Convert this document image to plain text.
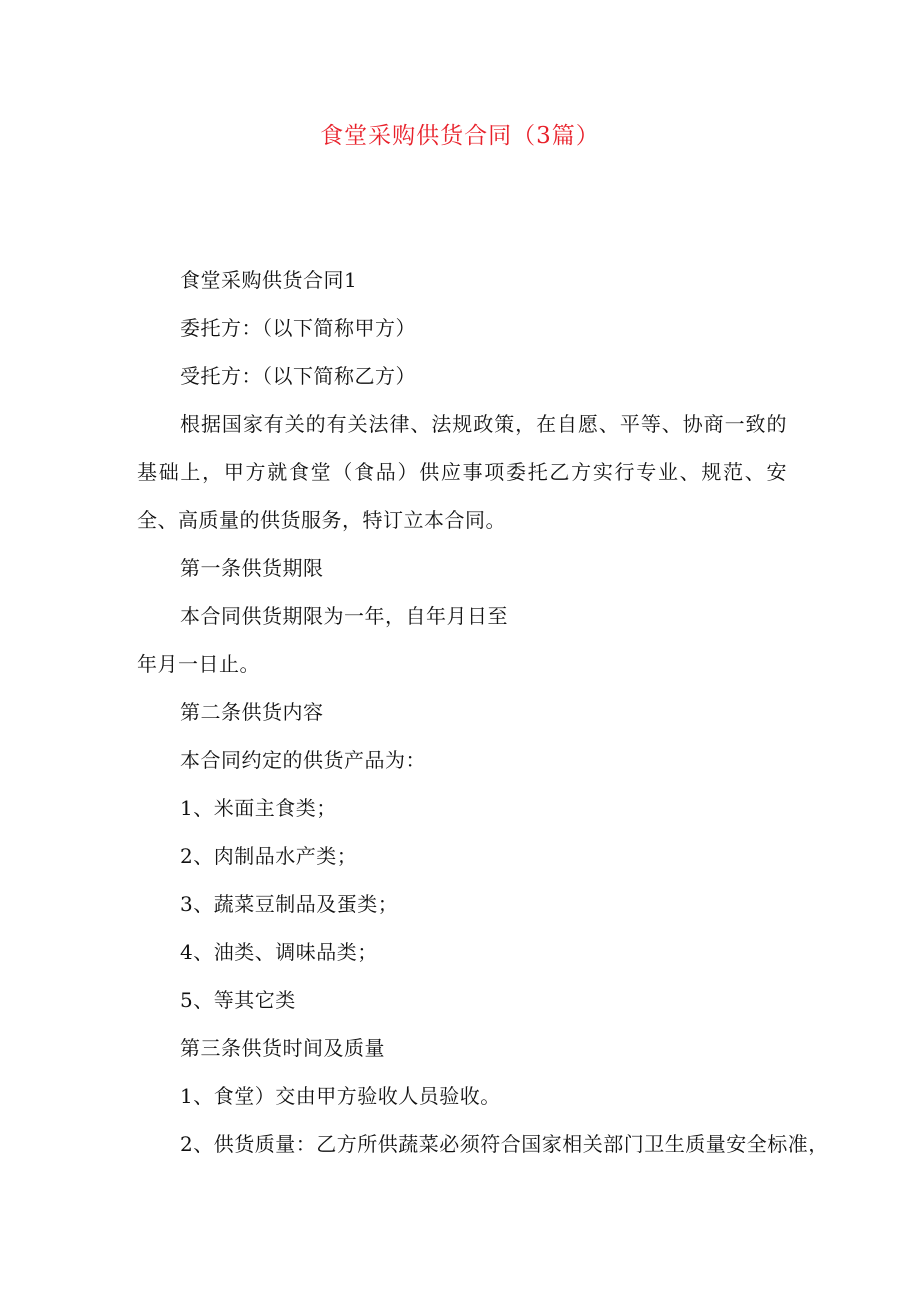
食堂采购供货合同（3篇）

食堂采购供货合同1

委托方：（以下简称甲方）

受托方：（以下简称乙方）

根据国家有关的有关法律、法规政策，在自愿、平等、协商一致的基础上，甲方就食堂（食品）供应事项委托乙方实行专业、规范、安全、高质量的供货服务，特订立本合同。

第一条供货期限

本合同供货期限为一年，自年月日至

年月一日止。

第二条供货内容

本合同约定的供货产品为：

1、米面主食类；

2、肉制品水产类；

3、蔬菜豆制品及蛋类；

4、油类、调味品类；

5、等其它类

第三条供货时间及质量

1、食堂）交由甲方验收人员验收。

2、供货质量：乙方所供蔬菜必须符合国家相关部门卫生质量安全标准，
